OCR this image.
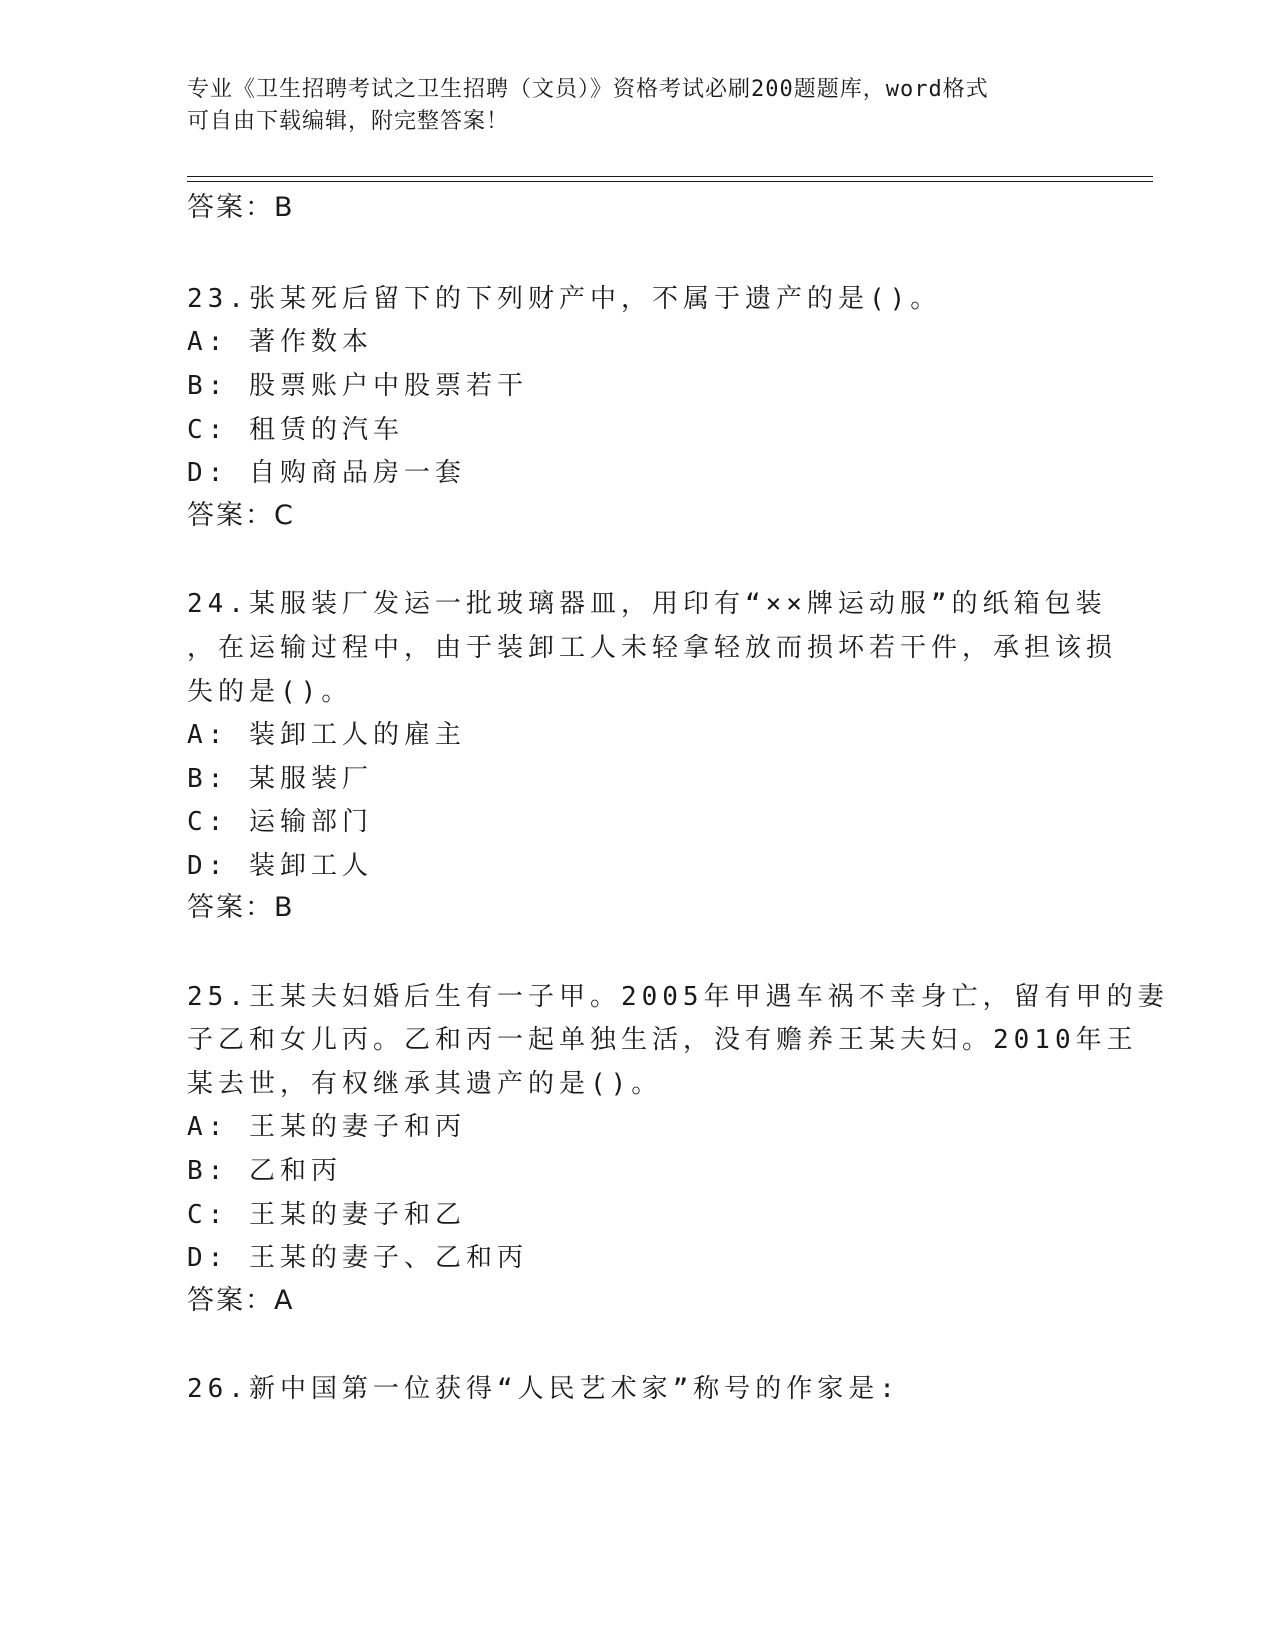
专业《卫生招聘考试之卫生招聘（文员）》资格考试必刷200题题库，word格式
可自由下载编辑，附完整答案！
答案：B
23.张某死后留下的下列财产中，不属于遗产的是()。
A: 著作数本
B: 股票账户中股票若干
C: 租赁的汽车
D: 自购商品房一套
答案：C
24.某服装厂发运一批玻璃器皿，用印有“××牌运动服”的纸箱包装
，在运输过程中，由于装卸工人未轻拿轻放而损坏若干件，承担该损
失的是()。
A: 装卸工人的雇主
B: 某服装厂
C: 运输部门
D: 装卸工人
答案：B
25.王某夫妇婚后生有一子甲。2005年甲遇车祸不幸身亡，留有甲的妻
子乙和女儿丙。乙和丙一起单独生活，没有赡养王某夫妇。2010年王
某去世，有权继承其遗产的是()。
A: 王某的妻子和丙
B: 乙和丙
C: 王某的妻子和乙
D: 王某的妻子、乙和丙
答案：A
26.新中国第一位获得“人民艺术家”称号的作家是:
